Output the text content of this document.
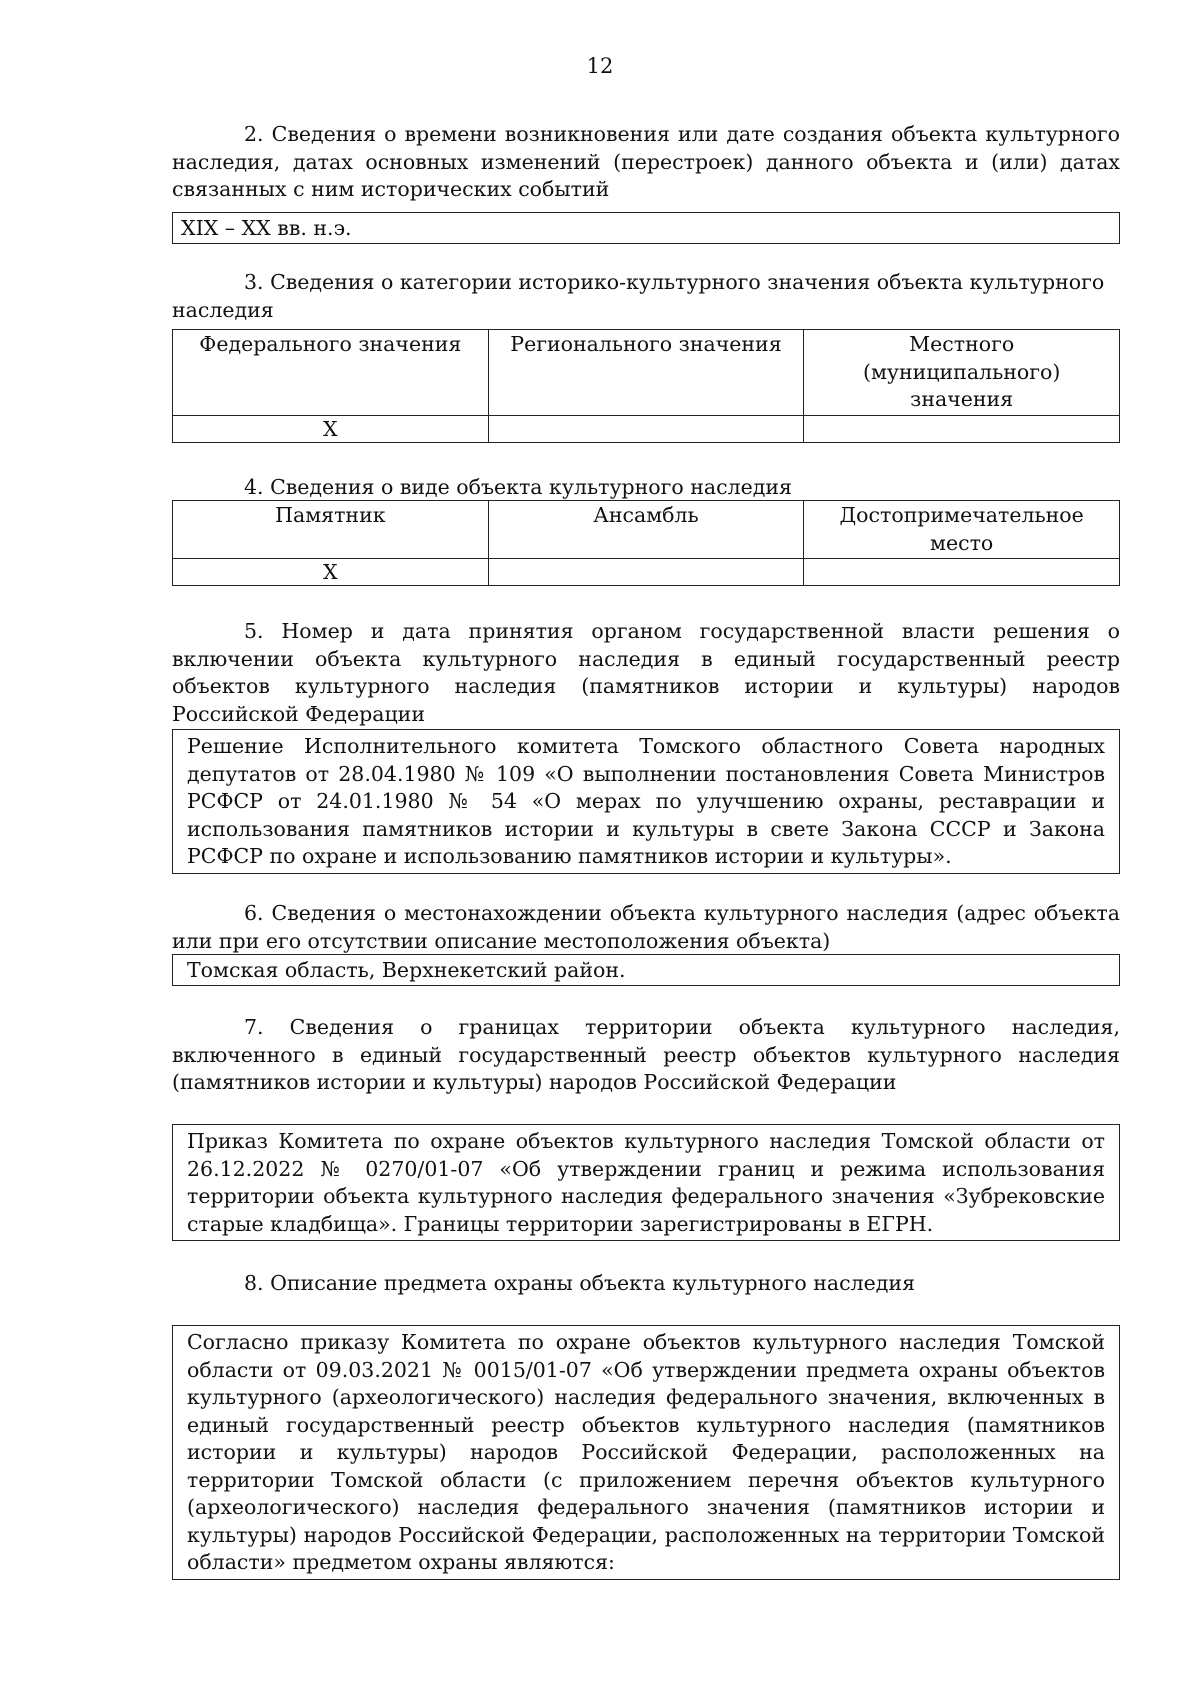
12

2. Сведения о времени возникновения или дате создания объекта культурного наследия, датах основных изменений (перестроек) данного объекта и (или) датах связанных с ним исторических событий

XIX – XX вв. н.э.

3. Сведения о категории историко-культурного значения объекта культурного наследия

Федерального значения	Регионального значения	Местного (муниципального) значения
X		

4. Сведения о виде объекта культурного наследия

Памятник	Ансамбль	Достопримечательное место
X		

5. Номер и дата принятия органом государственной власти решения о включении объекта культурного наследия в единый государственный реестр объектов культурного наследия (памятников истории и культуры) народов Российской Федерации

Решение Исполнительного комитета Томского областного Совета народных депутатов от 28.04.1980 № 109 «О выполнении постановления Совета Министров РСФСР от 24.01.1980 № 54 «О мерах по улучшению охраны, реставрации и использования памятников истории и культуры в свете Закона СССР и Закона РСФСР по охране и использованию памятников истории и культуры».

6. Сведения о местонахождении объекта культурного наследия (адрес объекта или при его отсутствии описание местоположения объекта)

Томская область, Верхнекетский район.

7. Сведения о границах территории объекта культурного наследия, включенного в единый государственный реестр объектов культурного наследия (памятников истории и культуры) народов Российской Федерации

Приказ Комитета по охране объектов культурного наследия Томской области от 26.12.2022 № 0270/01-07 «Об утверждении границ и режима использования территории объекта культурного наследия федерального значения «Зубрековские старые кладбища». Границы территории зарегистрированы в ЕГРН.

8. Описание предмета охраны объекта культурного наследия

Согласно приказу Комитета по охране объектов культурного наследия Томской области от 09.03.2021 № 0015/01-07 «Об утверждении предмета охраны объектов культурного (археологического) наследия федерального значения, включенных в единый государственный реестр объектов культурного наследия (памятников истории и культуры) народов Российской Федерации, расположенных на территории Томской области (с приложением перечня объектов культурного (археологического) наследия федерального значения (памятников истории и культуры) народов Российской Федерации, расположенных на территории Томской области» предметом охраны являются:
